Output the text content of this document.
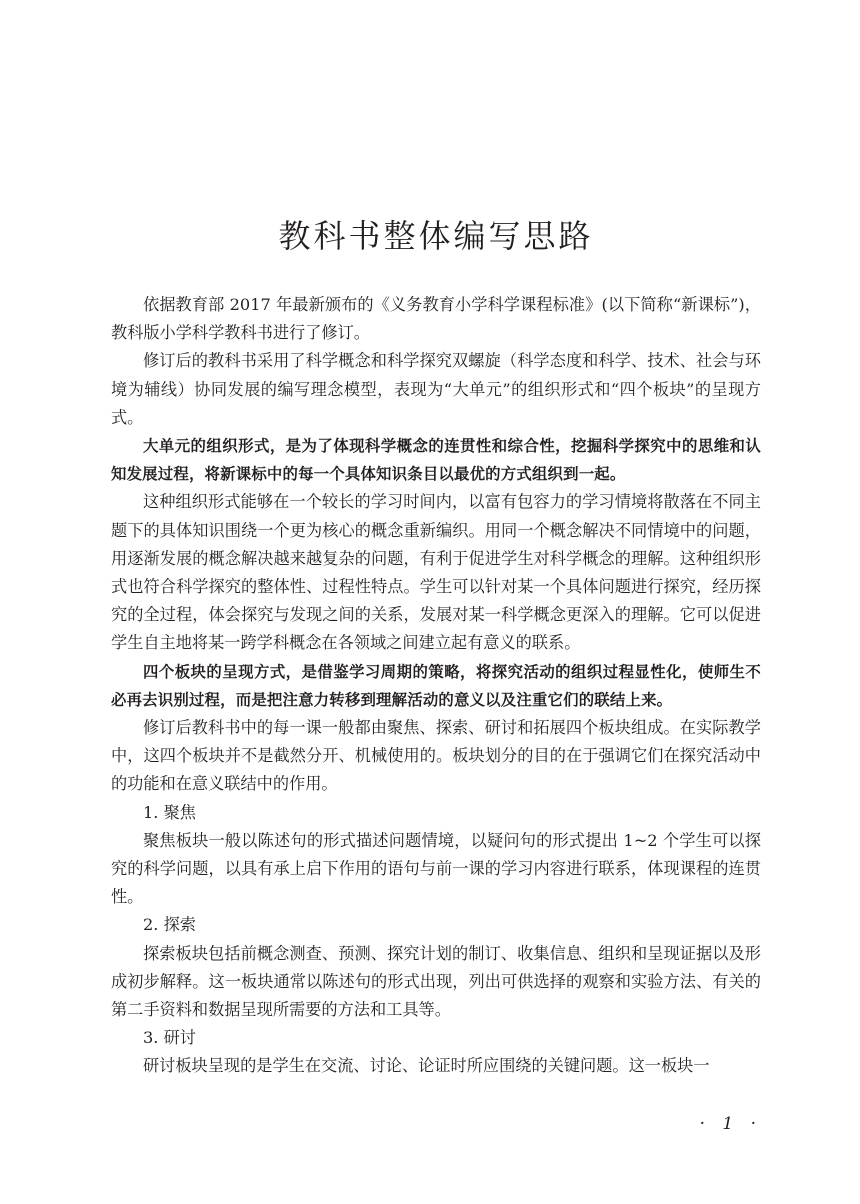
教科书整体编写思路

依据教育部 2017 年最新颁布的《义务教育小学科学课程标准》(以下简称“新课标”)，教科版小学科学教科书进行了修订。

修订后的教科书采用了科学概念和科学探究双螺旋（科学态度和科学、技术、社会与环境为辅线）协同发展的编写理念模型，表现为“大单元”的组织形式和“四个板块”的呈现方式。

大单元的组织形式，是为了体现科学概念的连贯性和综合性，挖掘科学探究中的思维和认知发展过程，将新课标中的每一个具体知识条目以最优的方式组织到一起。

这种组织形式能够在一个较长的学习时间内，以富有包容力的学习情境将散落在不同主题下的具体知识围绕一个更为核心的概念重新编织。用同一个概念解决不同情境中的问题，用逐渐发展的概念解决越来越复杂的问题，有利于促进学生对科学概念的理解。这种组织形式也符合科学探究的整体性、过程性特点。学生可以针对某一个具体问题进行探究，经历探究的全过程，体会探究与发现之间的关系，发展对某一科学概念更深入的理解。它可以促进学生自主地将某一跨学科概念在各领域之间建立起有意义的联系。

四个板块的呈现方式，是借鉴学习周期的策略，将探究活动的组织过程显性化，使师生不必再去识别过程，而是把注意力转移到理解活动的意义以及注重它们的联结上来。

修订后教科书中的每一课一般都由聚焦、探索、研讨和拓展四个板块组成。在实际教学中，这四个板块并不是截然分开、机械使用的。板块划分的目的在于强调它们在探究活动中的功能和在意义联结中的作用。

1. 聚焦

聚焦板块一般以陈述句的形式描述问题情境，以疑问句的形式提出 1~2 个学生可以探究的科学问题，以具有承上启下作用的语句与前一课的学习内容进行联系，体现课程的连贯性。

2. 探索

探索板块包括前概念测查、预测、探究计划的制订、收集信息、组织和呈现证据以及形成初步解释。这一板块通常以陈述句的形式出现，列出可供选择的观察和实验方法、有关的第二手资料和数据呈现所需要的方法和工具等。

3. 研讨

研讨板块呈现的是学生在交流、讨论、论证时所应围绕的关键问题。这一板块一

· 1 ·
